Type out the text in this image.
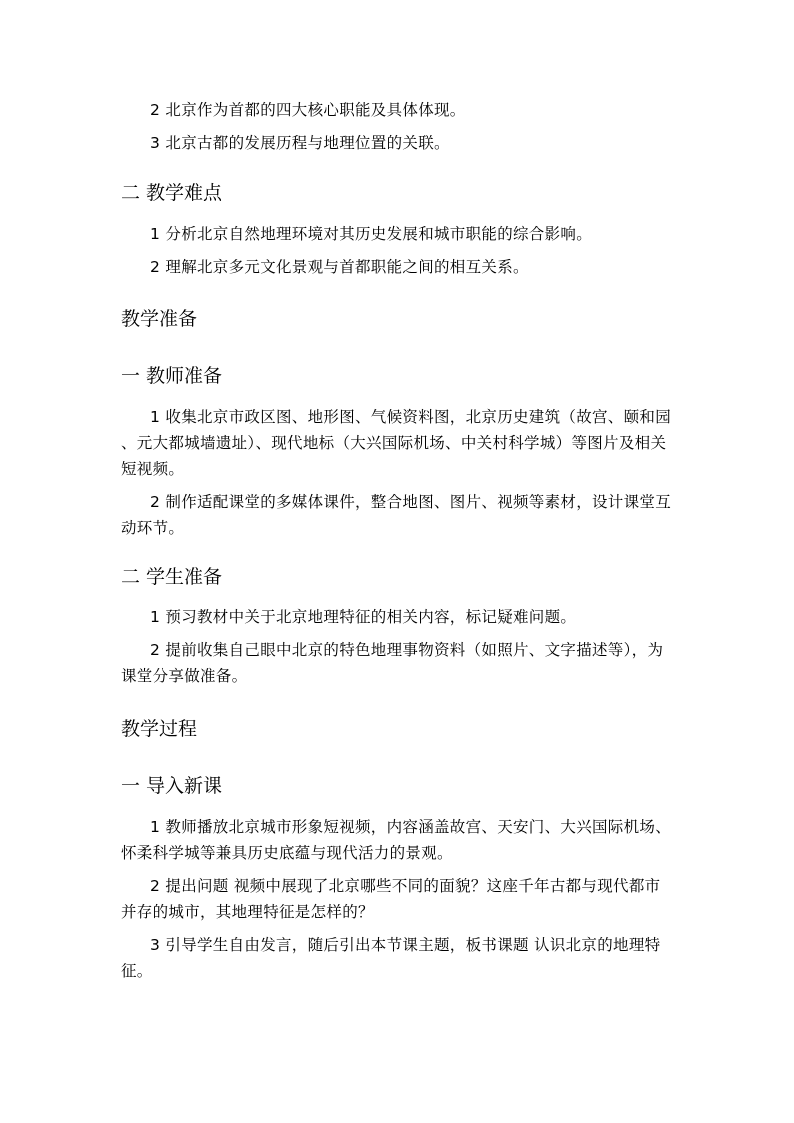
2 北京作为首都的四大核心职能及具体体现。
3 北京古都的发展历程与地理位置的关联。
二 教学难点
1 分析北京自然地理环境对其历史发展和城市职能的综合影响。
2 理解北京多元文化景观与首都职能之间的相互关系。
教学准备
一 教师准备
1 收集北京市政区图、地形图、气候资料图，北京历史建筑（故宫、颐和园
、元大都城墙遗址）、现代地标（大兴国际机场、中关村科学城）等图片及相关
短视频。
2 制作适配课堂的多媒体课件，整合地图、图片、视频等素材，设计课堂互
动环节。
二 学生准备
1 预习教材中关于北京地理特征的相关内容，标记疑难问题。
2 提前收集自己眼中北京的特色地理事物资料（如照片、文字描述等），为
课堂分享做准备。
教学过程
一 导入新课
1 教师播放北京城市形象短视频，内容涵盖故宫、天安门、大兴国际机场、
怀柔科学城等兼具历史底蕴与现代活力的景观。
2 提出问题 视频中展现了北京哪些不同的面貌？这座千年古都与现代都市
并存的城市，其地理特征是怎样的？
3 引导学生自由发言，随后引出本节课主题，板书课题 认识北京的地理特
征。
